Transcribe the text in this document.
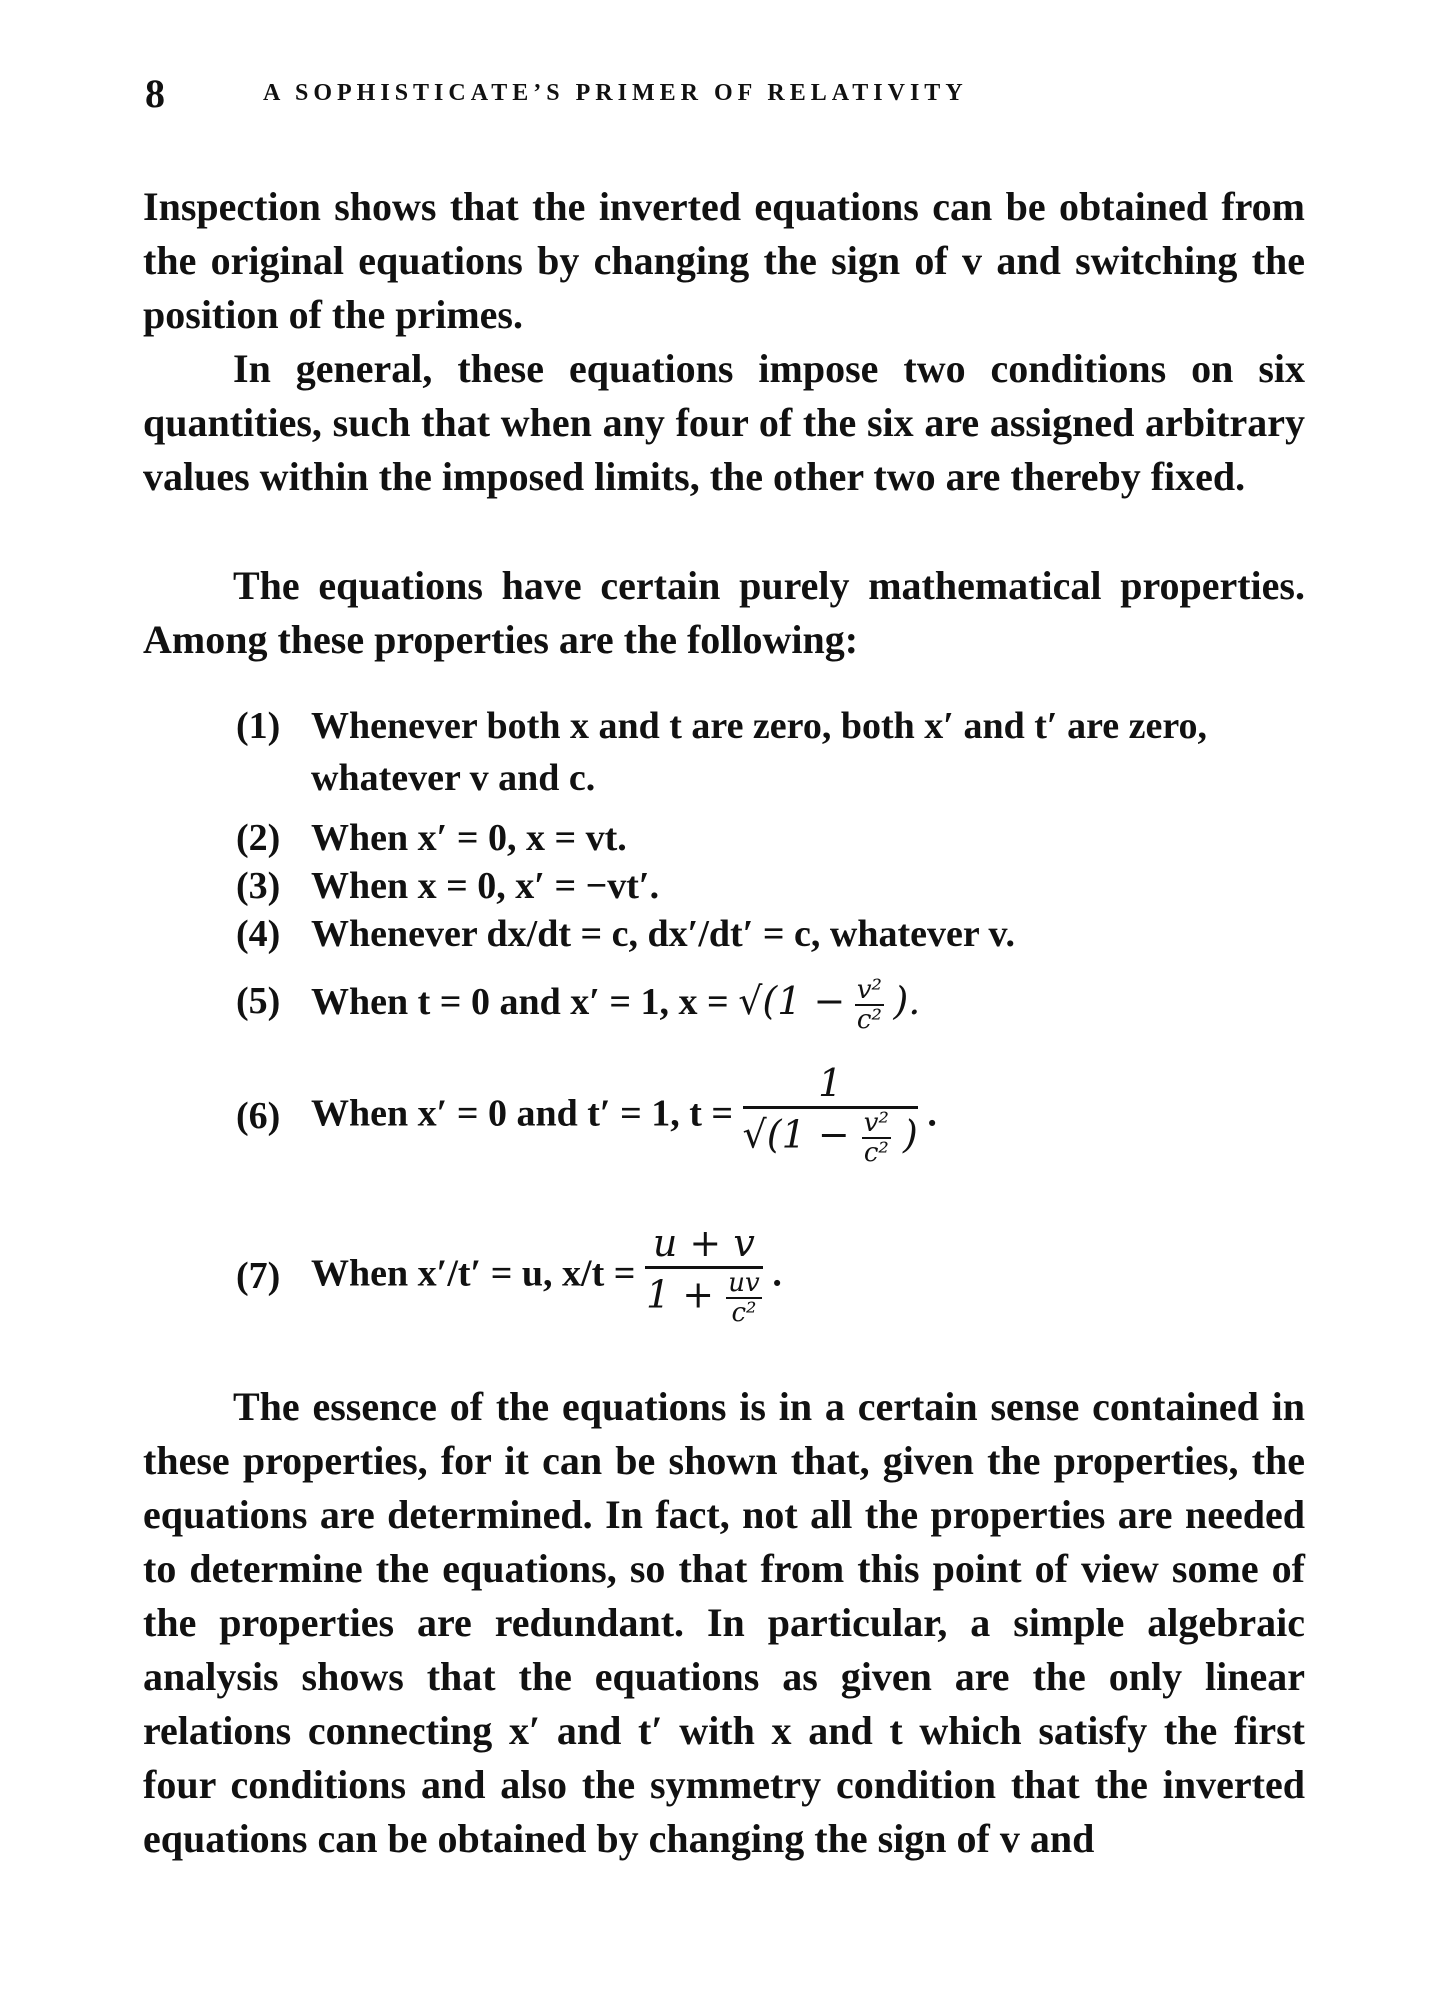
8	A SOPHISTICATE’S PRIMER OF RELATIVITY

Inspection shows that the inverted equations can be obtained from the original equations by changing the sign of v and switching the position of the primes.

In general, these equations impose two conditions on six quantities, such that when any four of the six are assigned arbitrary values within the imposed limits, the other two are thereby fixed.

The equations have certain purely mathematical properties. Among these properties are the following:

(1) Whenever both x and t are zero, both x′ and t′ are zero, whatever v and c.
(2) When x′ = 0, x = vt.
(3) When x = 0, x′ = −vt′.
(4) Whenever dx/dt = c, dx′/dt′ = c, whatever v.
(5) When t = 0 and x′ = 1, $x = √(1 - \frac{\text{v²}}{\text{c²}}$ ).
(6) When x′ = 0 and t′ = 1, t =
1
$√(1 - \frac{\text{v²}}{\text{c²}}$ ) .
(7) When x′/t′ = u, $x/t = \frac{u + v}{1 + \frac{uv}{\text{c²}}}$ .

The essence of the equations is in a certain sense contained in these properties, for it can be shown that, given the properties, the equations are determined. In fact, not all the properties are needed to determine the equations, so that from this point of view some of the properties are redundant. In particular, a simple algebraic analysis shows that the equations as given are the only linear relations connecting x′ and t′ with x and t which satisfy the first four conditions and also the symmetry condition that the inverted equations can be obtained by changing the sign of v and
